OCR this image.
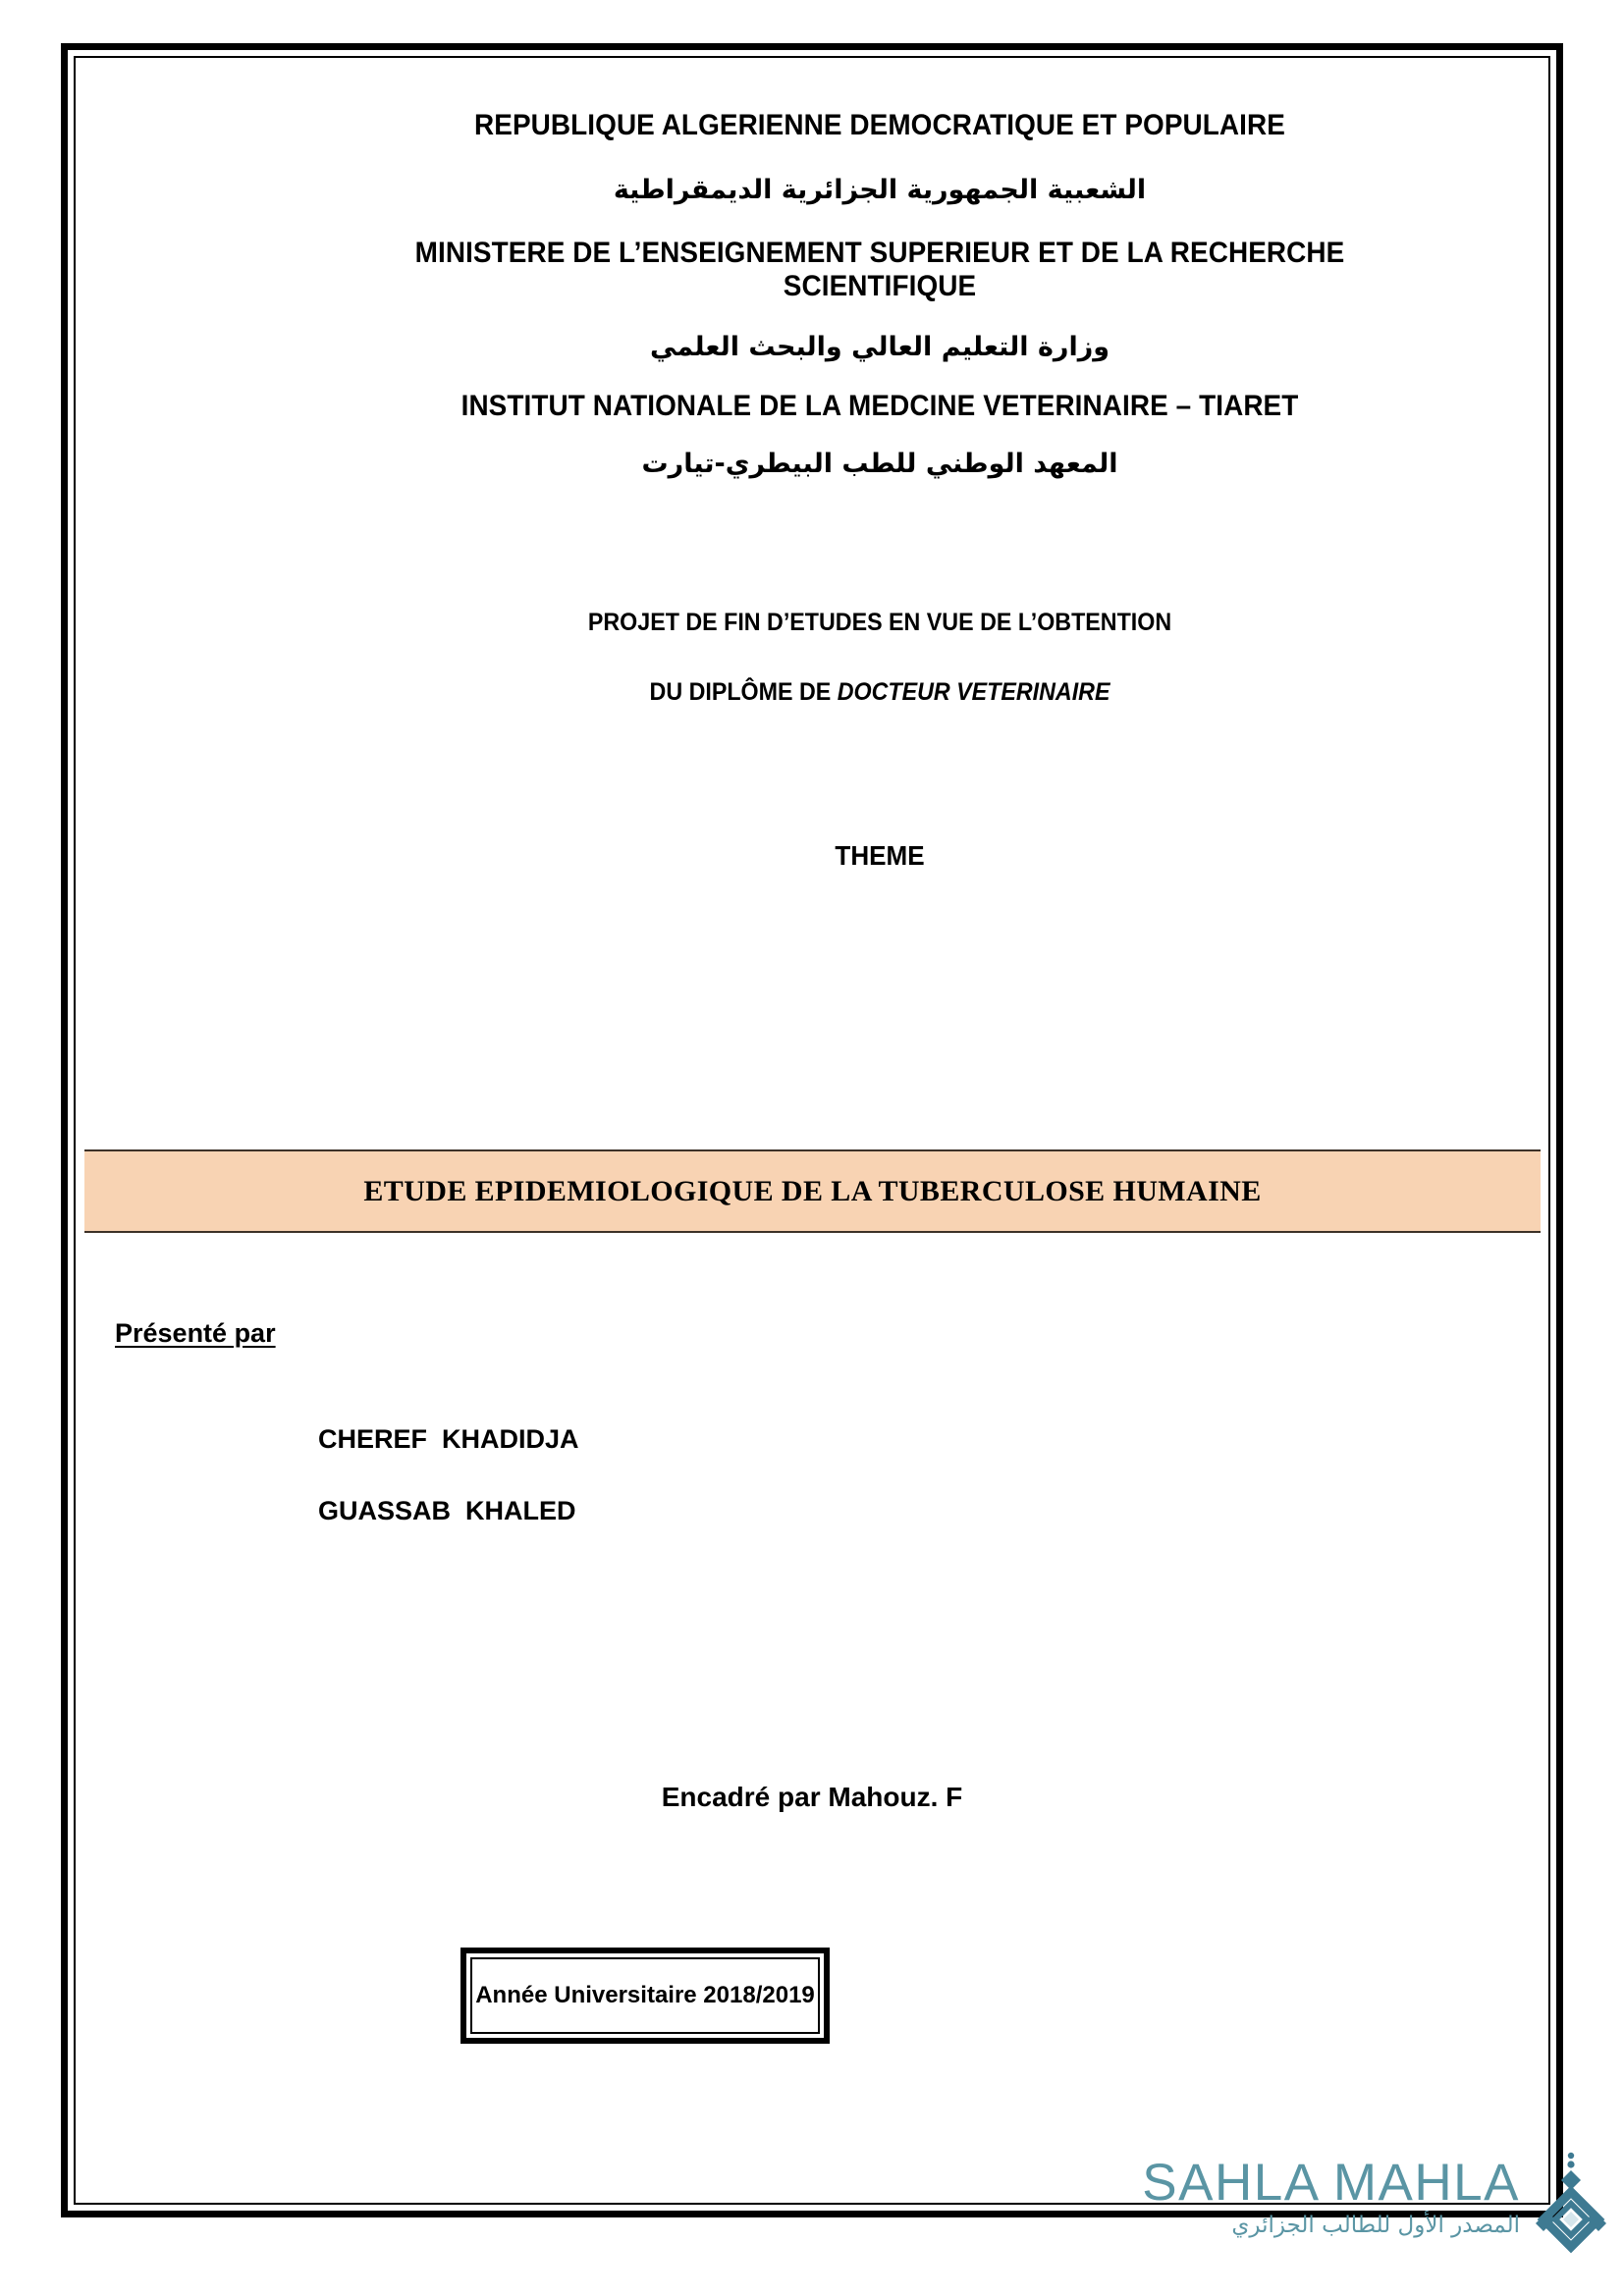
REPUBLIQUE ALGERIENNE DEMOCRATIQUE ET POPULAIRE
الشعبية الجمهورية الجزائرية الديمقراطية
MINISTERE DE L’ENSEIGNEMENT SUPERIEUR ET DE LA RECHERCHE
SCIENTIFIQUE
وزارة التعليم العالي والبحث العلمي
INSTITUT NATIONALE DE LA MEDCINE VETERINAIRE – TIARET
المعهد الوطني للطب البيطري-تيارت
PROJET DE FIN D’ETUDES EN VUE DE L’OBTENTION
DU DIPLÔME DE DOCTEUR VETERINAIRE
THEME
ETUDE EPIDEMIOLOGIQUE DE LA TUBERCULOSE HUMAINE
Présenté par
CHEREF  KHADIDJA
GUASSAB  KHALED
Encadré par Mahouz. F
Année Universitaire 2018/2019
SAHLA MAHLA
المصدر الأول للطالب الجزائري
